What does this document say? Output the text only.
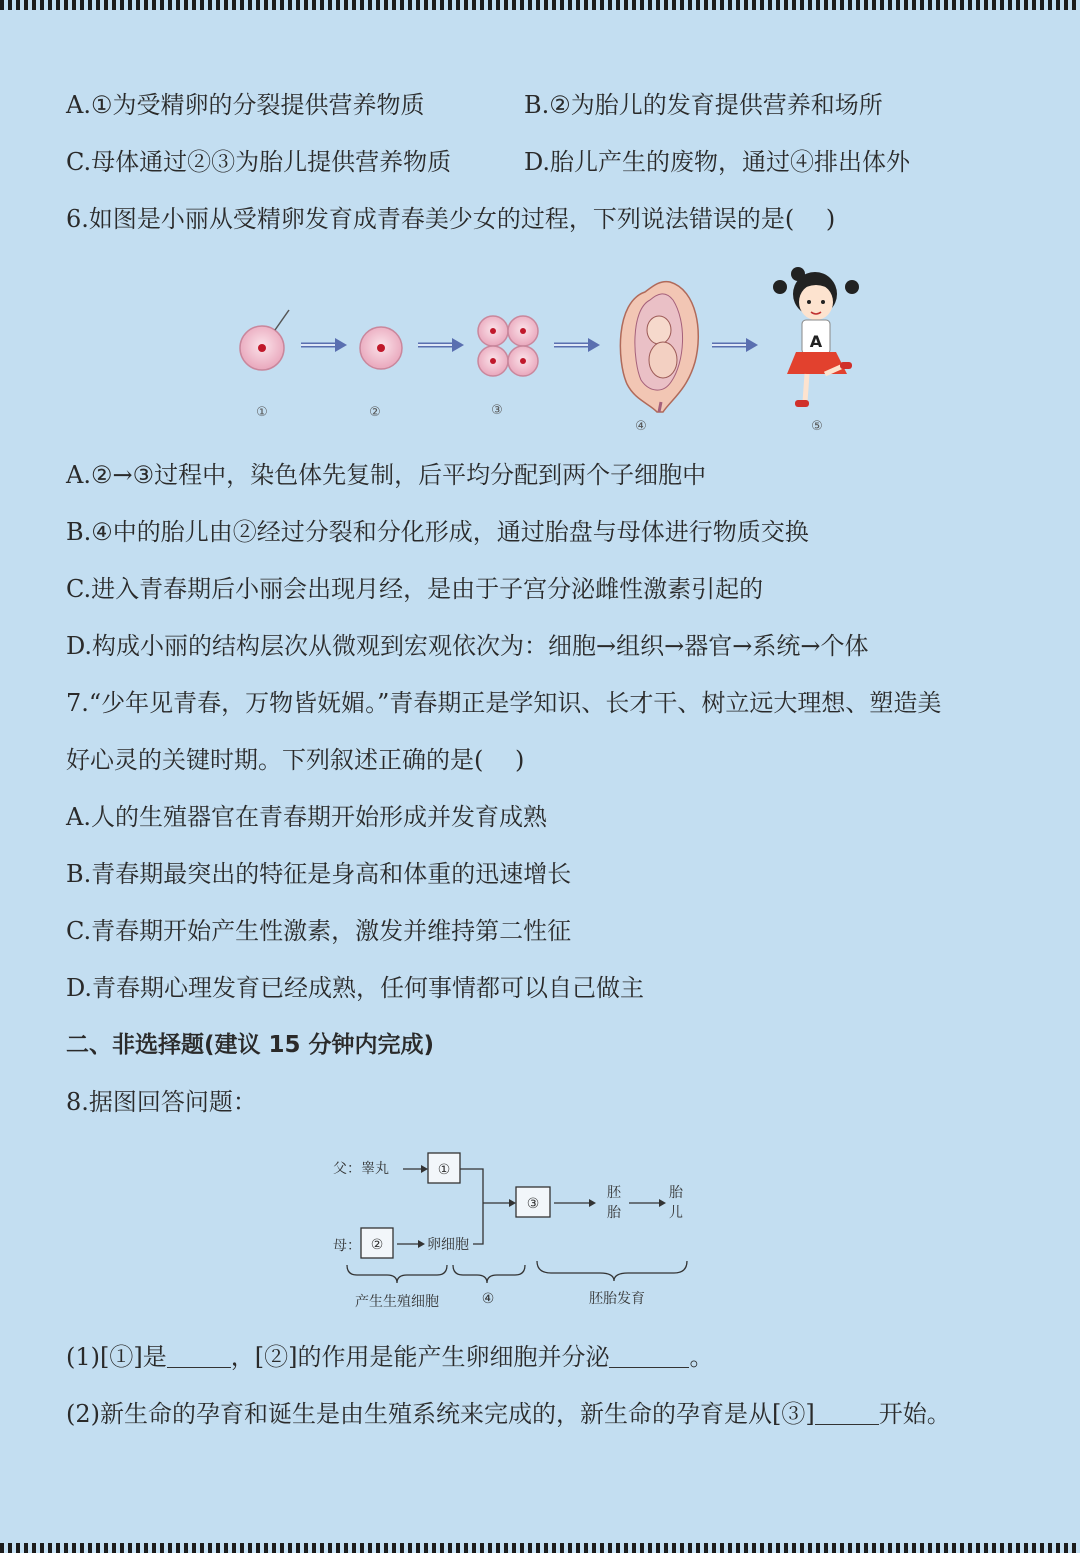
A.①为受精卵的分裂提供营养物质	B.②为胎儿的发育提供营养和场所
C.母体通过②③为胎儿提供营养物质	D.胎儿产生的废物，通过④排出体外
6.如图是小丽从受精卵发育成青春美少女的过程，下列说法错误的是(　 )
A
①	②	③
④	⑤
A.②→③过程中，染色体先复制，后平均分配到两个子细胞中
B.④中的胎儿由②经过分裂和分化形成，通过胎盘与母体进行物质交换
C.进入青春期后小丽会出现月经，是由于子宫分泌雌性激素引起的
D.构成小丽的结构层次从微观到宏观依次为：细胞→组织→器官→系统→个体
7.“少年见青春，万物皆妩媚。”青春期正是学知识、长才干、树立远大理想、塑造美
好心灵的关键时期。下列叙述正确的是(　 )
A.人的生殖器官在青春期开始形成并发育成熟
B.青春期最突出的特征是身高和体重的迅速增长
C.青春期开始产生性激素，激发并维持第二性征
D.青春期心理发育已经成熟，任何事情都可以自己做主
二、非选择题(建议 15 分钟内完成)
8.据图回答问题：
父：睾丸	①
母： ②	卵细胞
③
胚
胎
胎
儿
产生生殖细胞	④	胚胎发育
(1)[①]是	，[②]的作用是能产生卵细胞并分泌	。
(2)新生命的孕育和诞生是由生殖系统来完成的，新生命的孕育是从[③]	开始。
